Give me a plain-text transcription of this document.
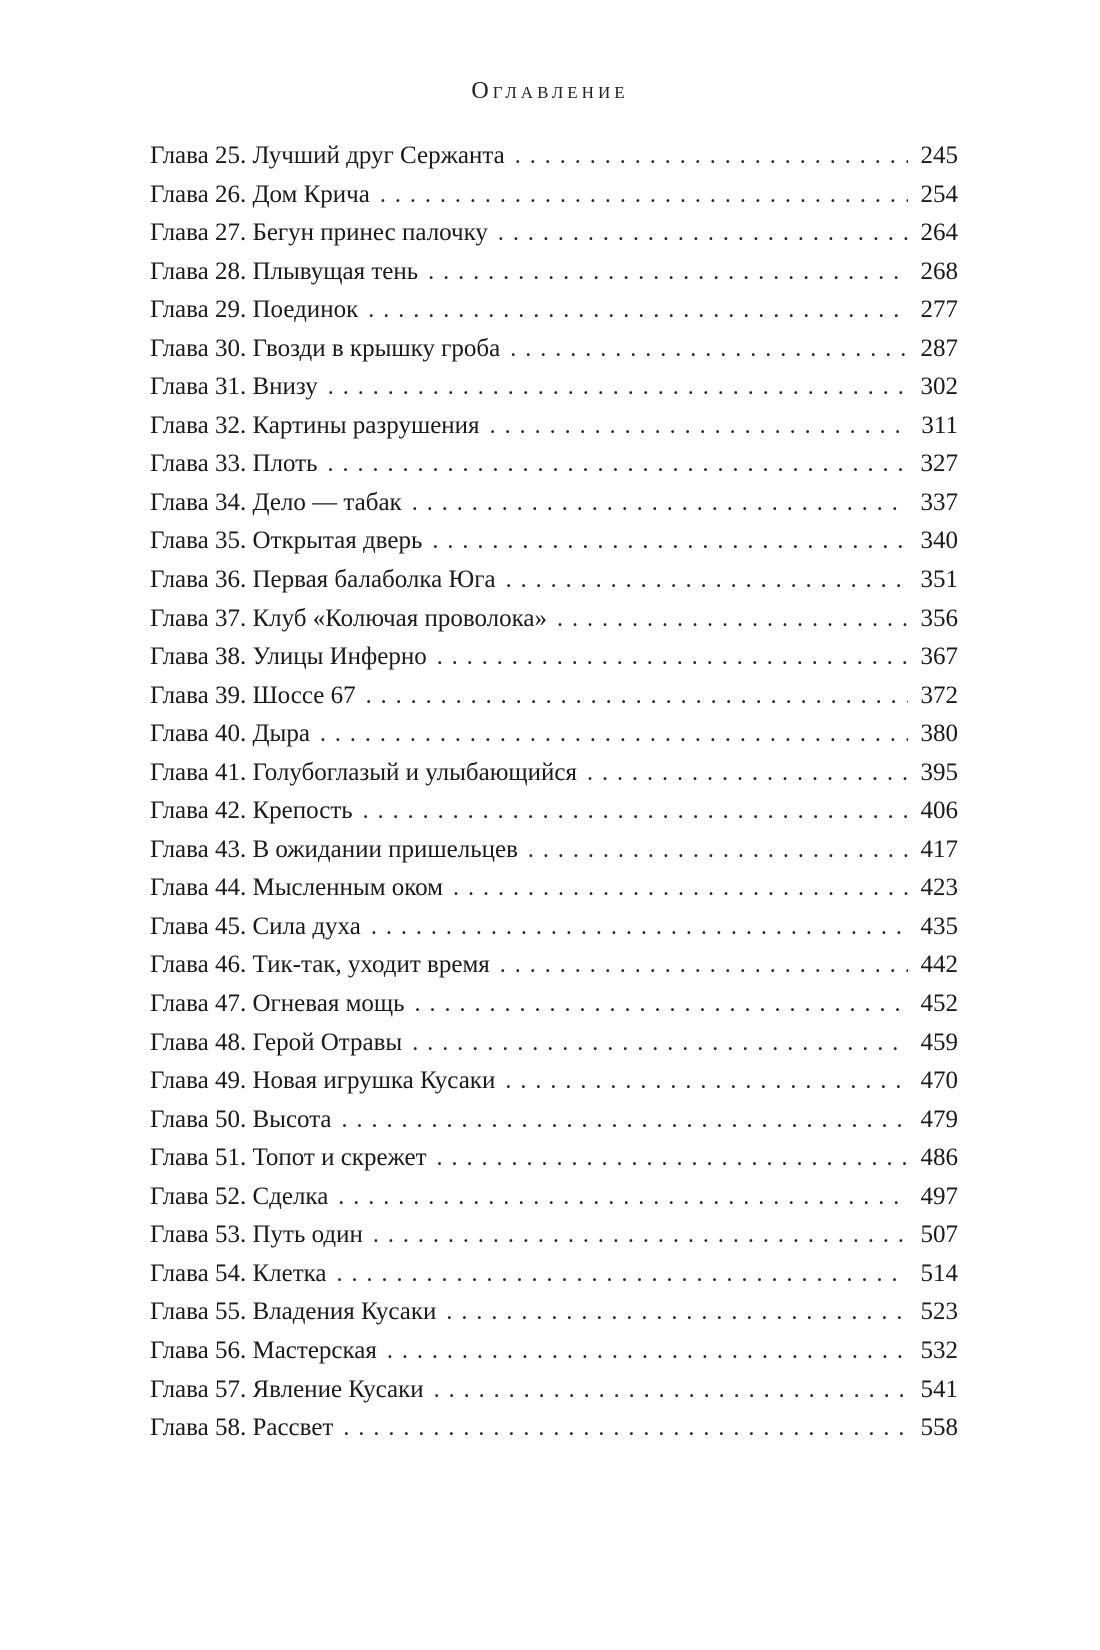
Оглавление
Глава 25. Лучший друг Сержанта . . .	245
Глава 26. Дом Крича . . .	254
Глава 27. Бегун принес палочку . . .	264
Глава 28. Плывущая тень . . .	268
Глава 29. Поединок . . .	277
Глава 30. Гвозди в крышку гроба . . .	287
Глава 31. Внизу . . .	302
Глава 32. Картины разрушения . . .	311
Глава 33. Плоть . . .	327
Глава 34. Дело — табак . . .	337
Глава 35. Открытая дверь . . .	340
Глава 36. Первая балаболка Юга . . .	351
Глава 37. Клуб «Колючая проволока» . . .	356
Глава 38. Улицы Инферно . . .	367
Глава 39. Шоссе 67 . . .	372
Глава 40. Дыра . . .	380
Глава 41. Голубоглазый и улыбающийся . . .	395
Глава 42. Крепость . . .	406
Глава 43. В ожидании пришельцев . . .	417
Глава 44. Мысленным оком . . .	423
Глава 45. Сила духа . . .	435
Глава 46. Тик-так, уходит время . . .	442
Глава 47. Огневая мощь . . .	452
Глава 48. Герой Отравы . . .	459
Глава 49. Новая игрушка Кусаки . . .	470
Глава 50. Высота . . .	479
Глава 51. Топот и скрежет . . .	486
Глава 52. Сделка . . .	497
Глава 53. Путь один . . .	507
Глава 54. Клетка . . .	514
Глава 55. Владения Кусаки . . .	523
Глава 56. Мастерская . . .	532
Глава 57. Явление Кусаки . . .	541
Глава 58. Рассвет . . .	558
